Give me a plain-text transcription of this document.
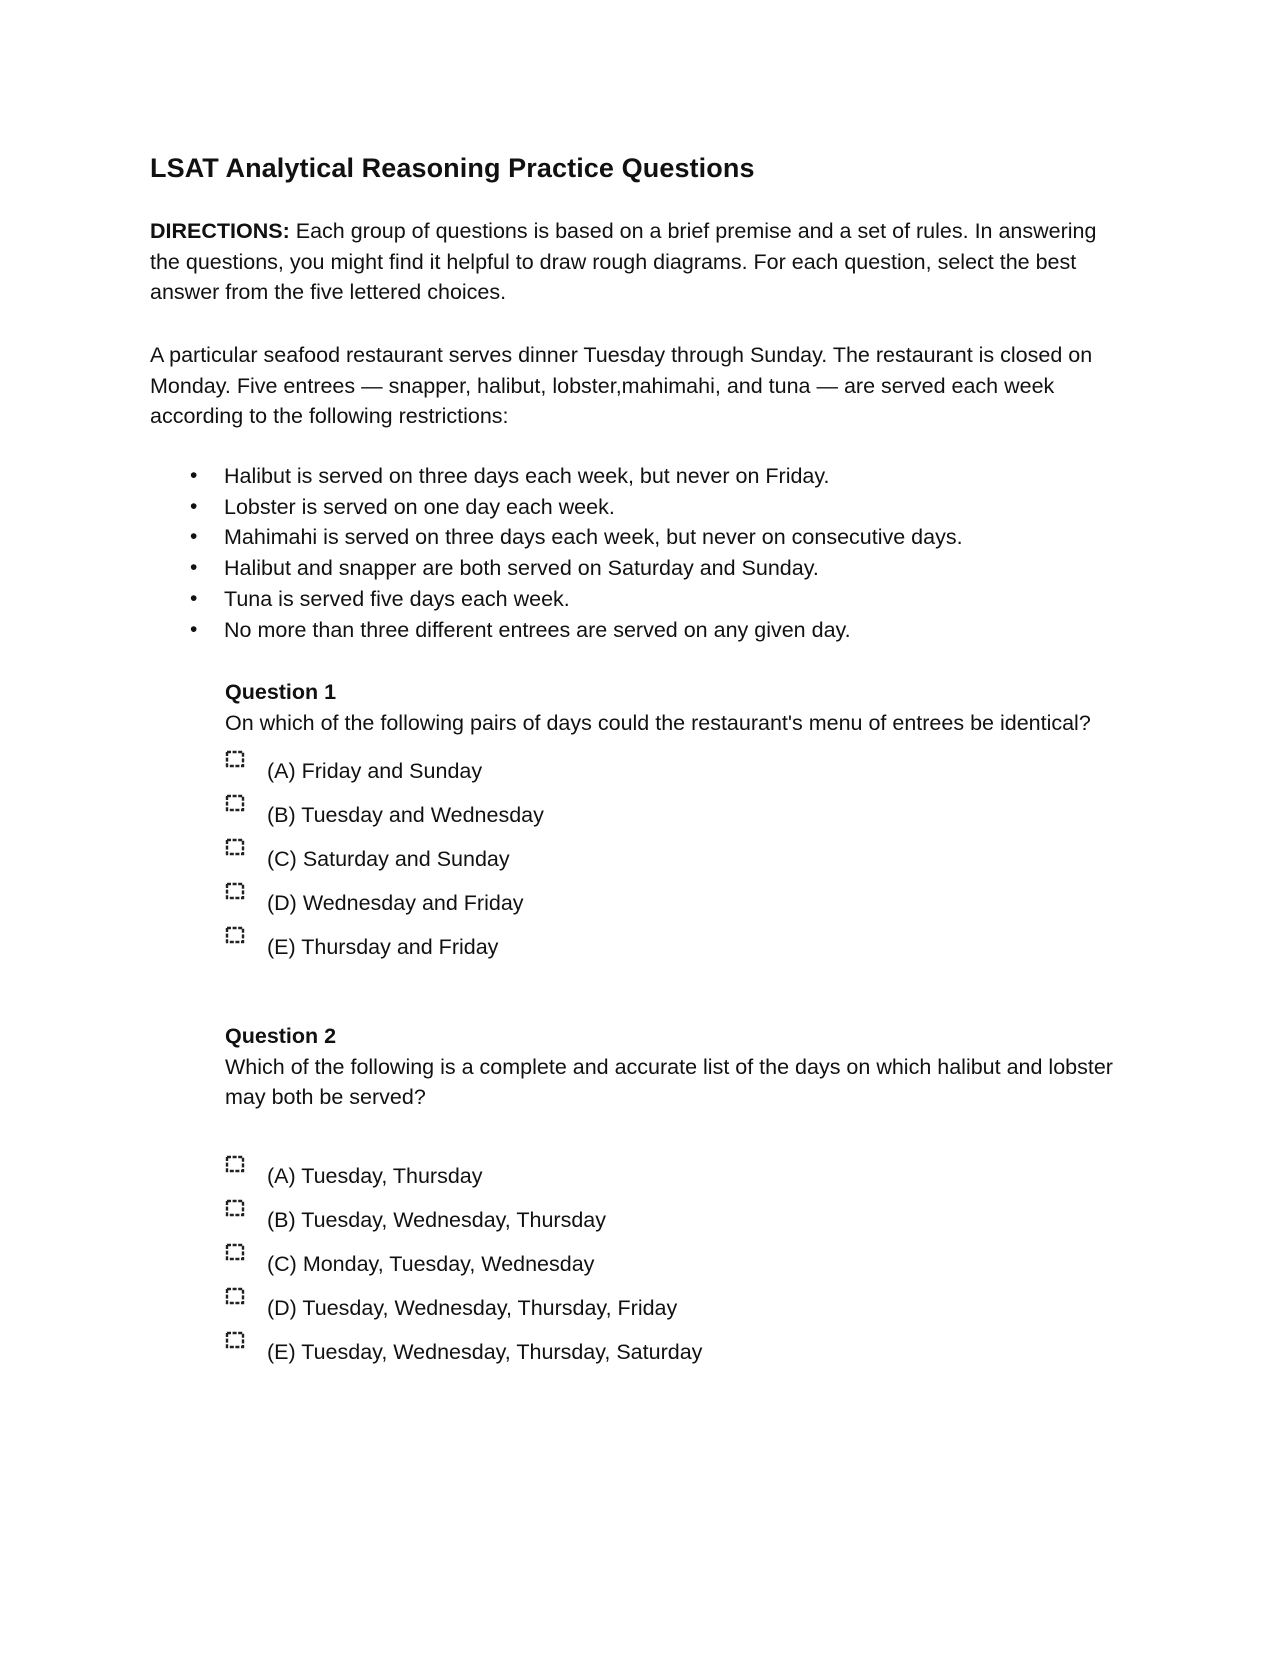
LSAT Analytical Reasoning Practice Questions

DIRECTIONS: Each group of questions is based on a brief premise and a set of rules. In answering the questions, you might find it helpful to draw rough diagrams. For each question, select the best answer from the five lettered choices.

A particular seafood restaurant serves dinner Tuesday through Sunday. The restaurant is closed on Monday. Five entrees — snapper, halibut, lobster,mahimahi, and tuna — are served each week according to the following restrictions:

• Halibut is served on three days each week, but never on Friday.
• Lobster is served on one day each week.
• Mahimahi is served on three days each week, but never on consecutive days.
• Halibut and snapper are both served on Saturday and Sunday.
• Tuna is served five days each week.
• No more than three different entrees are served on any given day.

Question 1

On which of the following pairs of days could the restaurant's menu of entrees be identical?

(A) Friday and Sunday
(B) Tuesday and Wednesday
(C) Saturday and Sunday
(D) Wednesday and Friday
(E) Thursday and Friday

Question 2

Which of the following is a complete and accurate list of the days on which halibut and lobster may both be served?

(A) Tuesday, Thursday
(B) Tuesday, Wednesday, Thursday
(C) Monday, Tuesday, Wednesday
(D) Tuesday, Wednesday, Thursday, Friday
(E) Tuesday, Wednesday, Thursday, Saturday
